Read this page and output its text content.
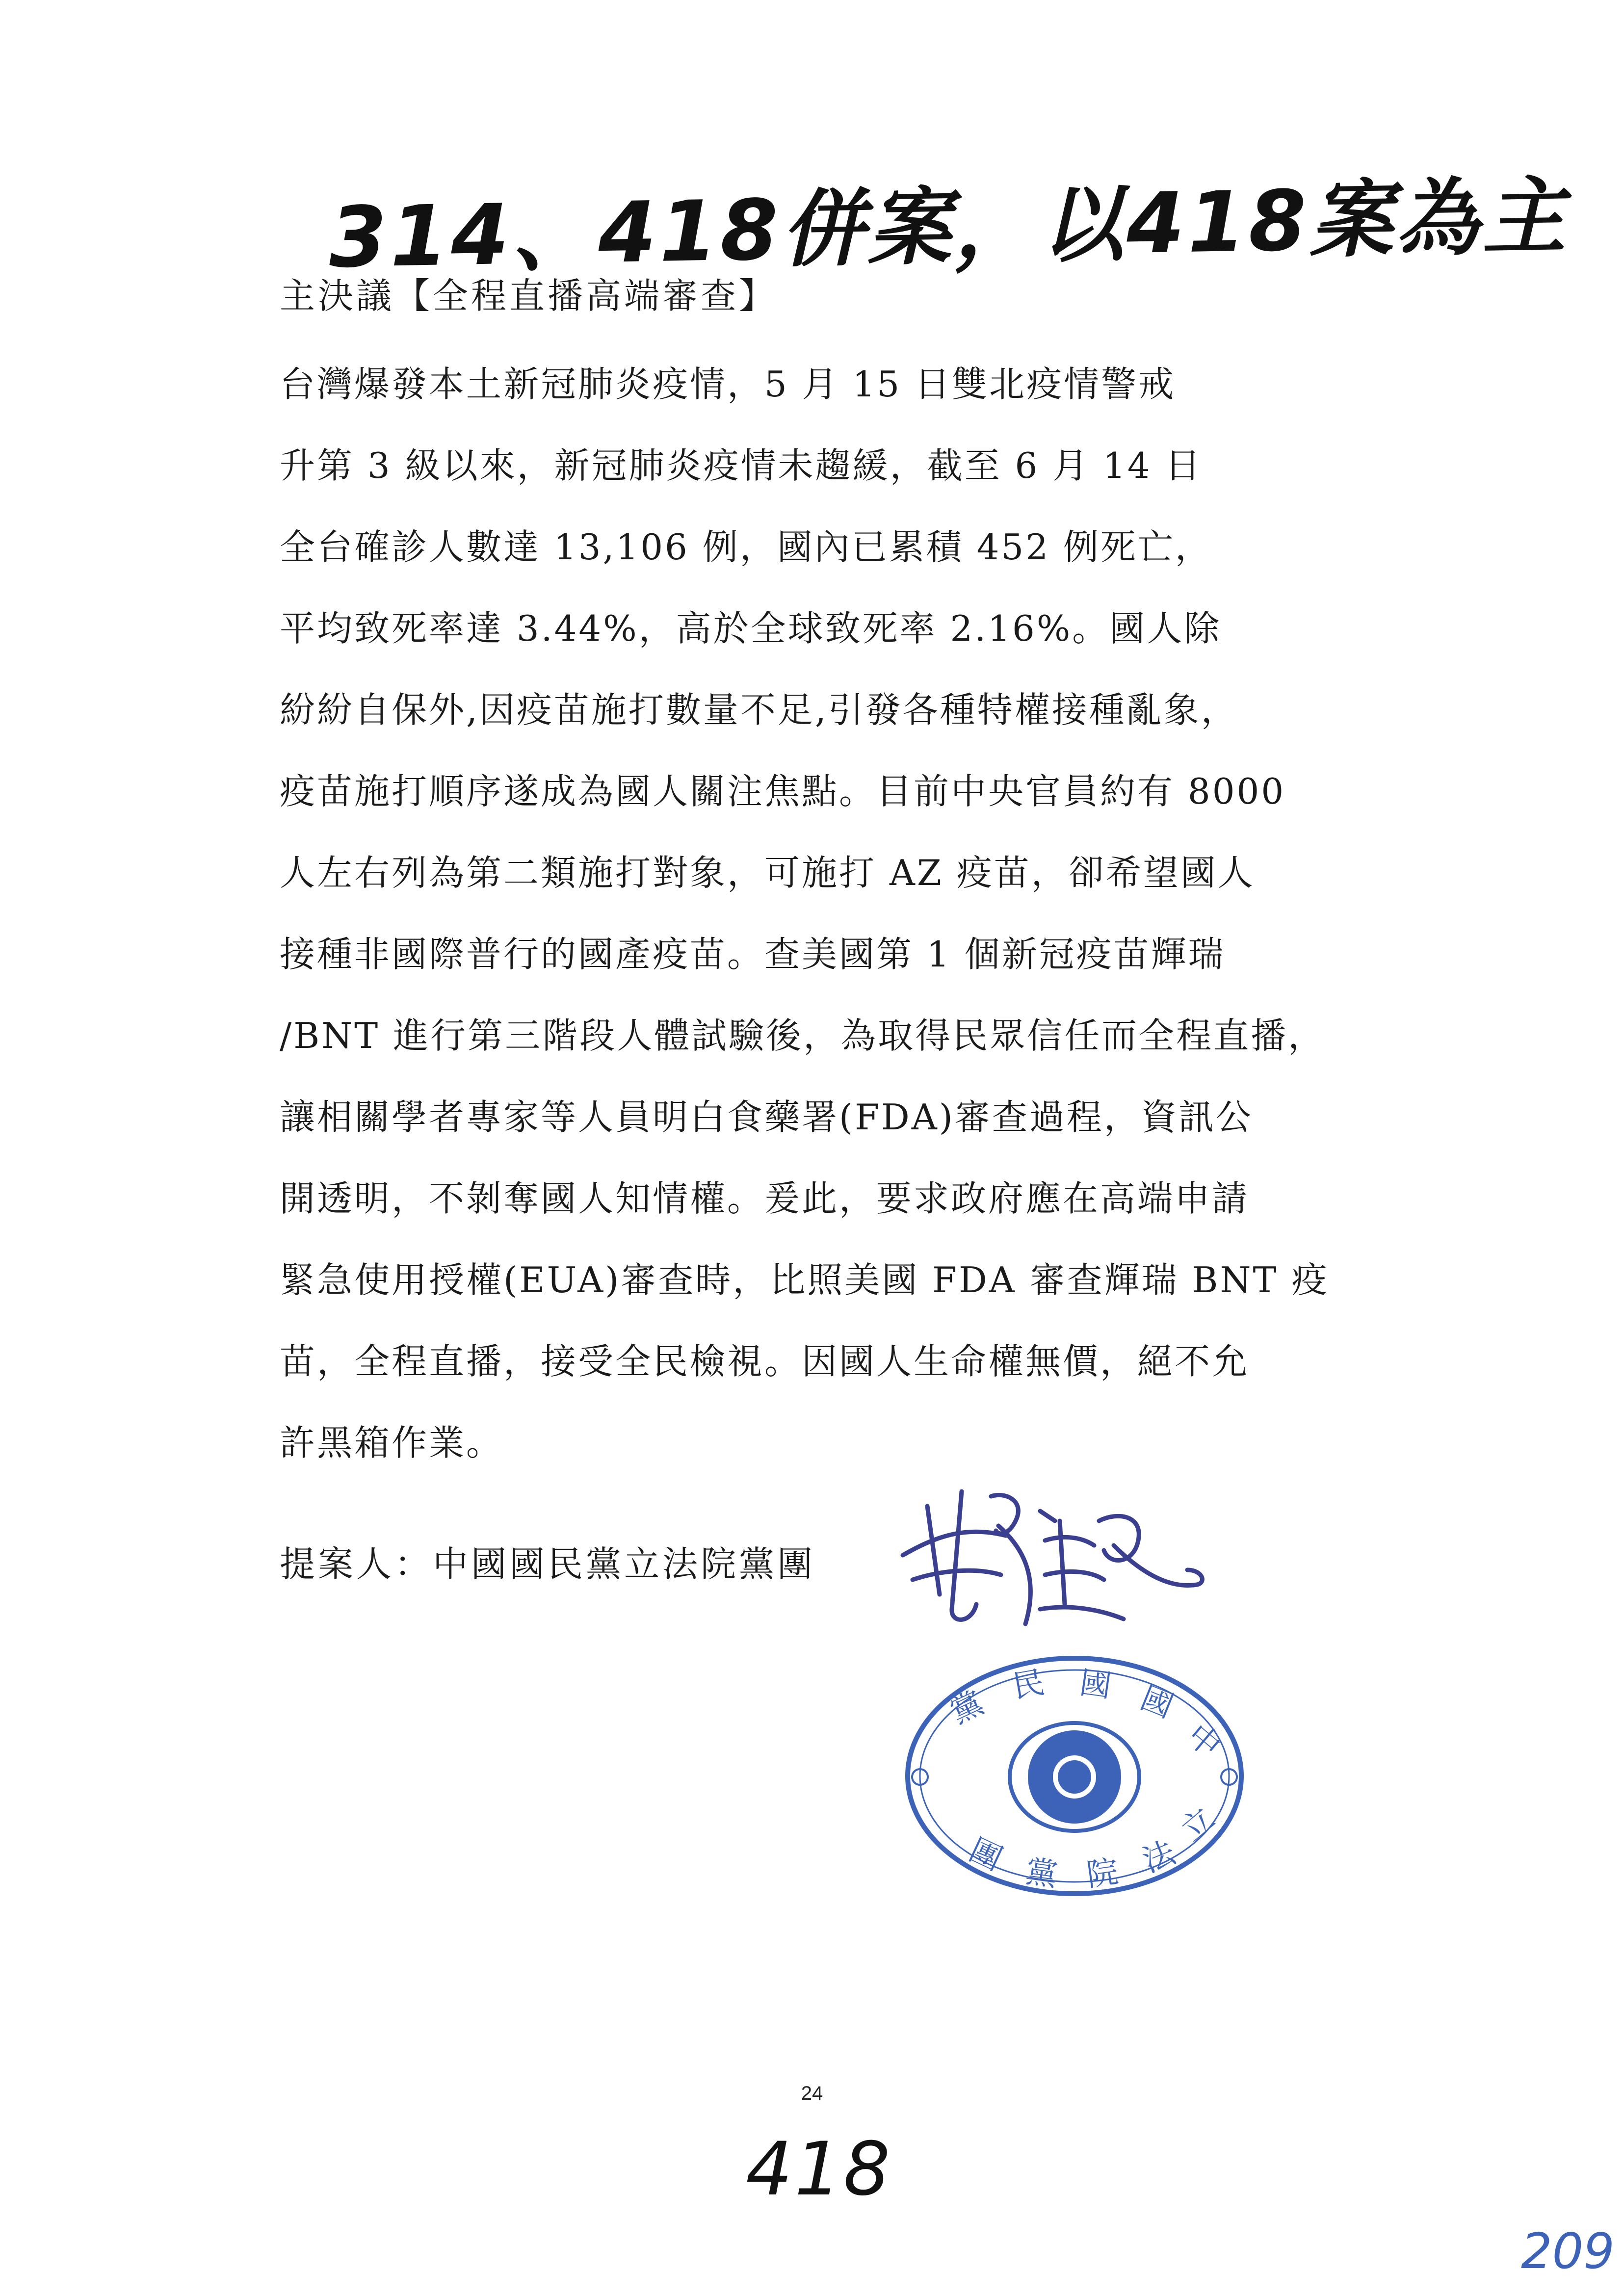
314、418併案，以418案為主
主決議【全程直播高端審查】
台灣爆發本土新冠肺炎疫情，5 月 15 日雙北疫情警戒
升第 3 級以來，新冠肺炎疫情未趨緩，截至 6 月 14 日
全台確診人數達 13,106 例，國內已累積 452 例死亡，
平均致死率達 3.44%，高於全球致死率 2.16%。國人除
紛紛自保外,因疫苗施打數量不足,引發各種特權接種亂象，
疫苗施打順序遂成為國人關注焦點。目前中央官員約有 8000
人左右列為第二類施打對象，可施打 AZ 疫苗，卻希望國人
接種非國際普行的國產疫苗。查美國第 1 個新冠疫苗輝瑞
/BNT 進行第三階段人體試驗後，為取得民眾信任而全程直播，
讓相關學者專家等人員明白食藥署(FDA)審查過程，資訊公
開透明，不剝奪國人知情權。爰此，要求政府應在高端申請
緊急使用授權(EUA)審查時，比照美國 FDA 審查輝瑞 BNT 疫
苗，全程直播，接受全民檢視。因國人生命權無價，絕不允
許黑箱作業。
提案人：中國國民黨立法院黨團
黨 民 國 國
中
團 黨 院 法
立
24
418
209
